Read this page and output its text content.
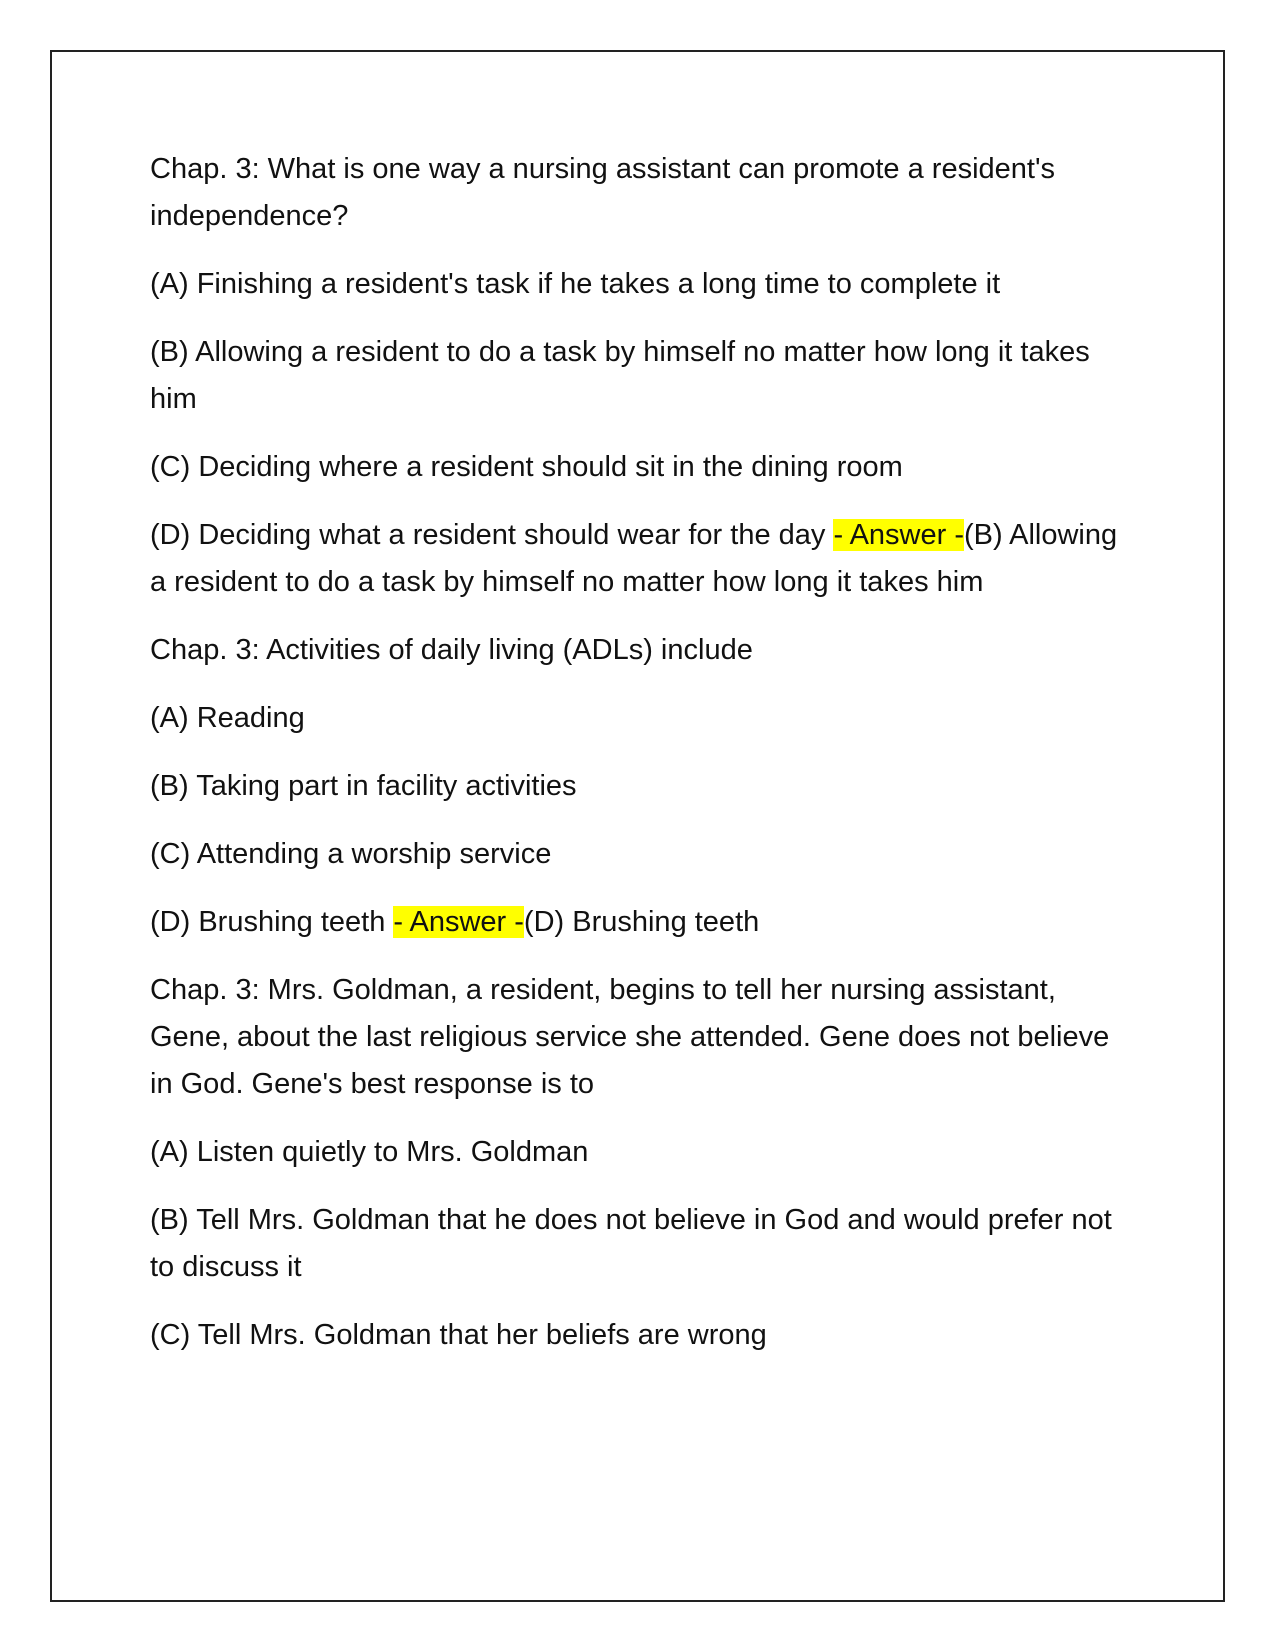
Chap. 3: What is one way a nursing assistant can promote a resident's independence?

(A) Finishing a resident's task if he takes a long time to complete it

(B) Allowing a resident to do a task by himself no matter how long it takes him

(C) Deciding where a resident should sit in the dining room

(D) Deciding what a resident should wear for the day - Answer -(B) Allowing a resident to do a task by himself no matter how long it takes him

Chap. 3: Activities of daily living (ADLs) include

(A) Reading

(B) Taking part in facility activities

(C) Attending a worship service

(D) Brushing teeth - Answer -(D) Brushing teeth

Chap. 3: Mrs. Goldman, a resident, begins to tell her nursing assistant, Gene, about the last religious service she attended. Gene does not believe in God. Gene's best response is to

(A) Listen quietly to Mrs. Goldman

(B) Tell Mrs. Goldman that he does not believe in God and would prefer not to discuss it

(C) Tell Mrs. Goldman that her beliefs are wrong
